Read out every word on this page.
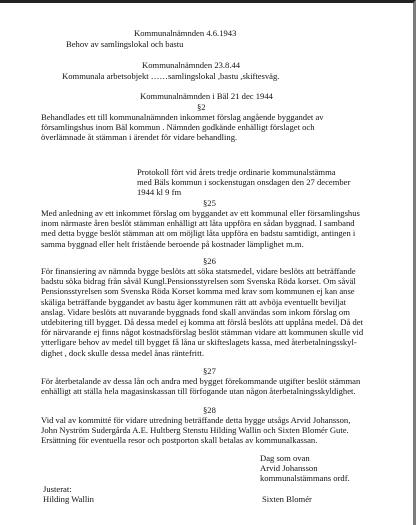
Kommunalnämnden 4.6.1943
Behov av samlingslokal och bastu
Kommunalnämnden 23.8.44
Kommunala arbetsobjekt ……samlingslokal ,bastu ,skiftesväg.
Kommunalnämnden i Bäl 21 dec 1944
§2
Behandlades ett till kommunalnämnden inkommet förslag angående byggandet av
församlingshus inom Bäl kommun . Nämnden godkände enhälligt förslaget och
överlämnade åt stämman i ärendet för vidare behandling.
Protokoll fört vid årets tredje ordinarie kommunalstämma
med Bäls kommun i sockenstugan onsdagen den 27 december
1944 kl 9 fm
§25
Med anledning av ett inkommet förslag om byggandet av ett kommunal eller församlingshus
inom närmaste åren beslöt stämman enhälligt att låta uppföra en sådan byggnad. I samband
med detta bygge beslöt stämman att om möjligt låta uppföra en badstu samtidigt, antingen i
samma byggnad eller helt fristående beroende på kostnader lämplighet m.m.
§26
För finansiering av nämnda bygge beslöts att söka statsmedel, vidare beslöts att beträffande
badstu söka bidrag från såväl Kungl.Pensionsstyrelsen som Svenska Röda korset. Om såväl
Pensionsstyrelsen som Svenska Röda Korset komma med krav som kommunen ej kan anse
skäliga beträffande byggandet av bastu äger kommunen rätt att avböja eventuellt beviljat
anslag. Vidare beslöts att nuvarande byggnads fond skall användas som inkom förslag om
utdebitering till bygget. Då dessa medel ej komma att förslå beslöts att upplåna medel. Då det
för närvarande ej finns något kostnadsförslag beslöt stämman vidare att kommunen skulle vid
ytterligare behov av medel till bygget få låna ur skifteslagets kassa, med återbetalningsskyl-
dighet , dock skulle dessa medel ånas räntefritt.
§27
För återbetalande av dessa lån och andra med bygget förekommande utgifter beslöt stämman
enhälligt att ställa hela magasinskassan till förfogande utan någon återbetalningsskyldighet.
§28
Vid val av kommitté för vidare utredning beträffande detta bygge utsågs Arvid Johansson,
John Nyström Sudergårda A.E. Hultberg Stenstu Hilding Wallin och Sixten Blomér Gute.
Ersättning för eventuella resor och postporton skall betalas av kommunalkassan.
Dag som ovan
Arvid Johansson
kommunalstämmans ordf.
Justerat:
Hilding Wallin	Sixten Blomér
